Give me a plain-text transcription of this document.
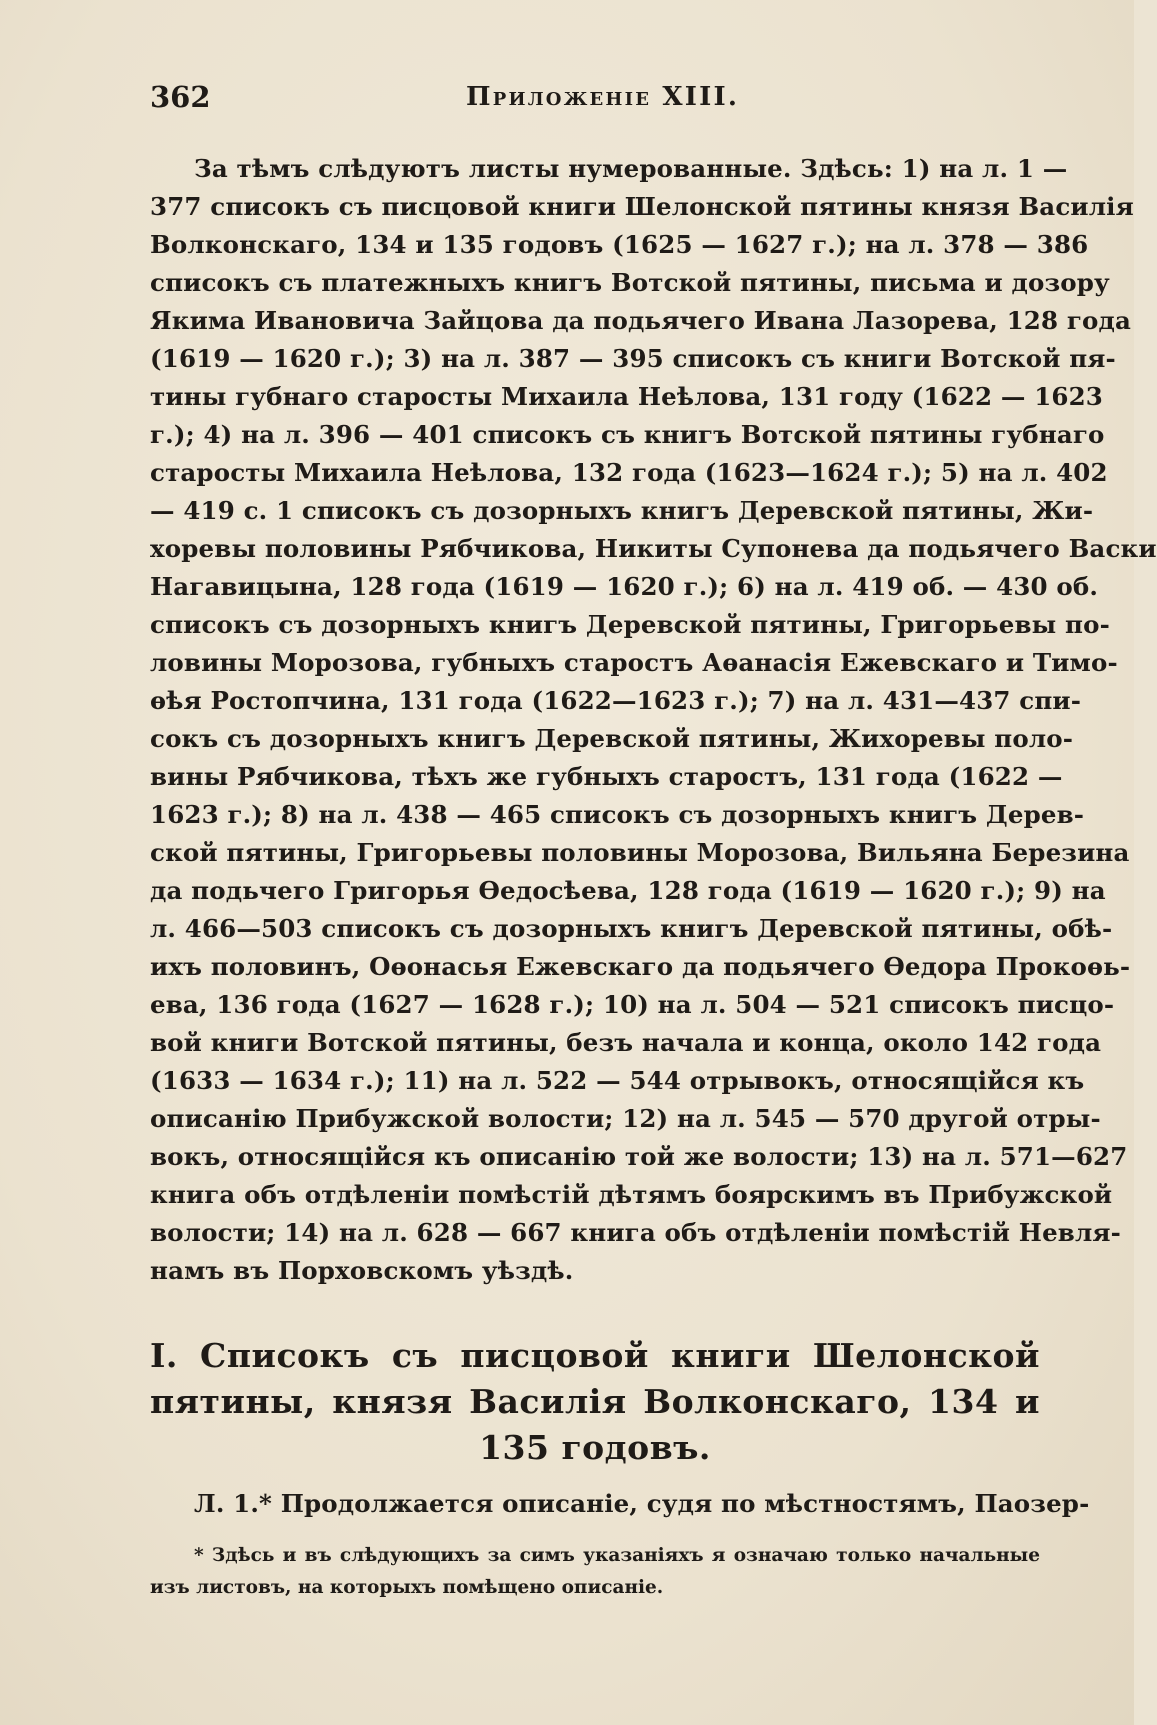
362	Приложеніе XIII.
За тѣмъ слѣдуютъ листы нумерованные. Здѣсь: 1) на л. 1 —
377 списокъ съ писцовой книги Шелонской пятины князя Василія
Волконскаго, 134 и 135 годовъ (1625 — 1627 г.); на л. 378 — 386
списокъ съ платежныхъ книгъ Вотской пятины, письма и дозору
Якима Ивановича Зайцова да подьячего Ивана Лазорева, 128 года
(1619 — 1620 г.); 3) на л. 387 — 395 списокъ съ книги Вотской пя-
тины губнаго старосты Михаила Неѣлова, 131 году (1622 — 1623
г.); 4) на л. 396 — 401 списокъ съ книгъ Вотской пятины губнаго
старосты Михаила Неѣлова, 132 года (1623—1624 г.); 5) на л. 402
— 419 с. 1 списокъ съ дозорныхъ книгъ Деревской пятины, Жи-
хоревы половины Рябчикова, Никиты Супонева да подьячего Васки
Нагавицына, 128 года (1619 — 1620 г.); 6) на л. 419 об. — 430 об.
списокъ съ дозорныхъ книгъ Деревской пятины, Григорьевы по-
ловины Морозова, губныхъ старостъ Аѳанасія Ежевскаго и Тимо-
ѳѣя Ростопчина, 131 года (1622—1623 г.); 7) на л. 431—437 спи-
сокъ съ дозорныхъ книгъ Деревской пятины, Жихоревы поло-
вины Рябчикова, тѣхъ же губныхъ старостъ, 131 года (1622 —
1623 г.); 8) на л. 438 — 465 списокъ съ дозорныхъ книгъ Дерев-
ской пятины, Григорьевы половины Морозова, Вильяна Березина
да подьчего Григорья Ѳедосѣева, 128 года (1619 — 1620 г.); 9) на
л. 466—503 списокъ съ дозорныхъ книгъ Деревской пятины, обѣ-
ихъ половинъ, Оѳонасья Ежевскаго да подьячего Ѳедора Прокоѳь-
ева, 136 года (1627 — 1628 г.); 10) на л. 504 — 521 списокъ писцо-
вой книги Вотской пятины, безъ начала и конца, около 142 года
(1633 — 1634 г.); 11) на л. 522 — 544 отрывокъ, относящійся къ
описанію Прибужской волости; 12) на л. 545 — 570 другой отры-
вокъ, относящійся къ описанію той же волости; 13) на л. 571—627
книга объ отдѣленіи помѣстій дѣтямъ боярскимъ въ Прибужской
волости; 14) на л. 628 — 667 книга объ отдѣленіи помѣстій Невля-
намъ въ Порховскомъ уѣздѣ.
I. Списокъ съ писцовой книги Шелонской
пятины, князя Василія Волконскаго, 134 и
135 годовъ.
Л. 1.* Продолжается описаніе, судя по мѣстностямъ, Паозер-
* Здѣсь и въ слѣдующихъ за симъ указаніяхъ я означаю только начальные
изъ листовъ, на которыхъ помѣщено описаніе.
